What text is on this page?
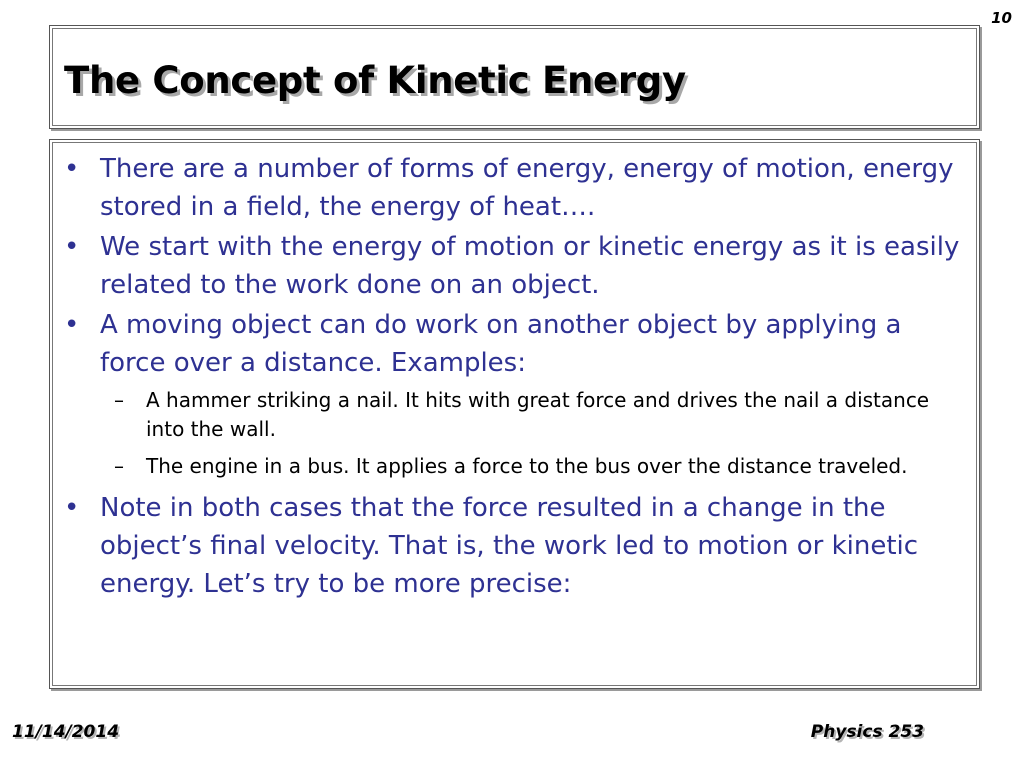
10
The Concept of Kinetic Energy
• There are a number of forms of energy, energy of motion, energy stored in a field, the energy of heat….
• We start with the energy of motion or kinetic energy as it is easily related to the work done on an object.
• A moving object can do work on another object by applying a force over a distance. Examples:
– A hammer striking a nail. It hits with great force and drives the nail a distance into the wall.
– The engine in a bus. It applies a force to the bus over the distance traveled.
• Note in both cases that the force resulted in a change in the object’s final velocity. That is, the work led to motion or kinetic energy. Let’s try to be more precise:
11/14/2014	Physics 253
